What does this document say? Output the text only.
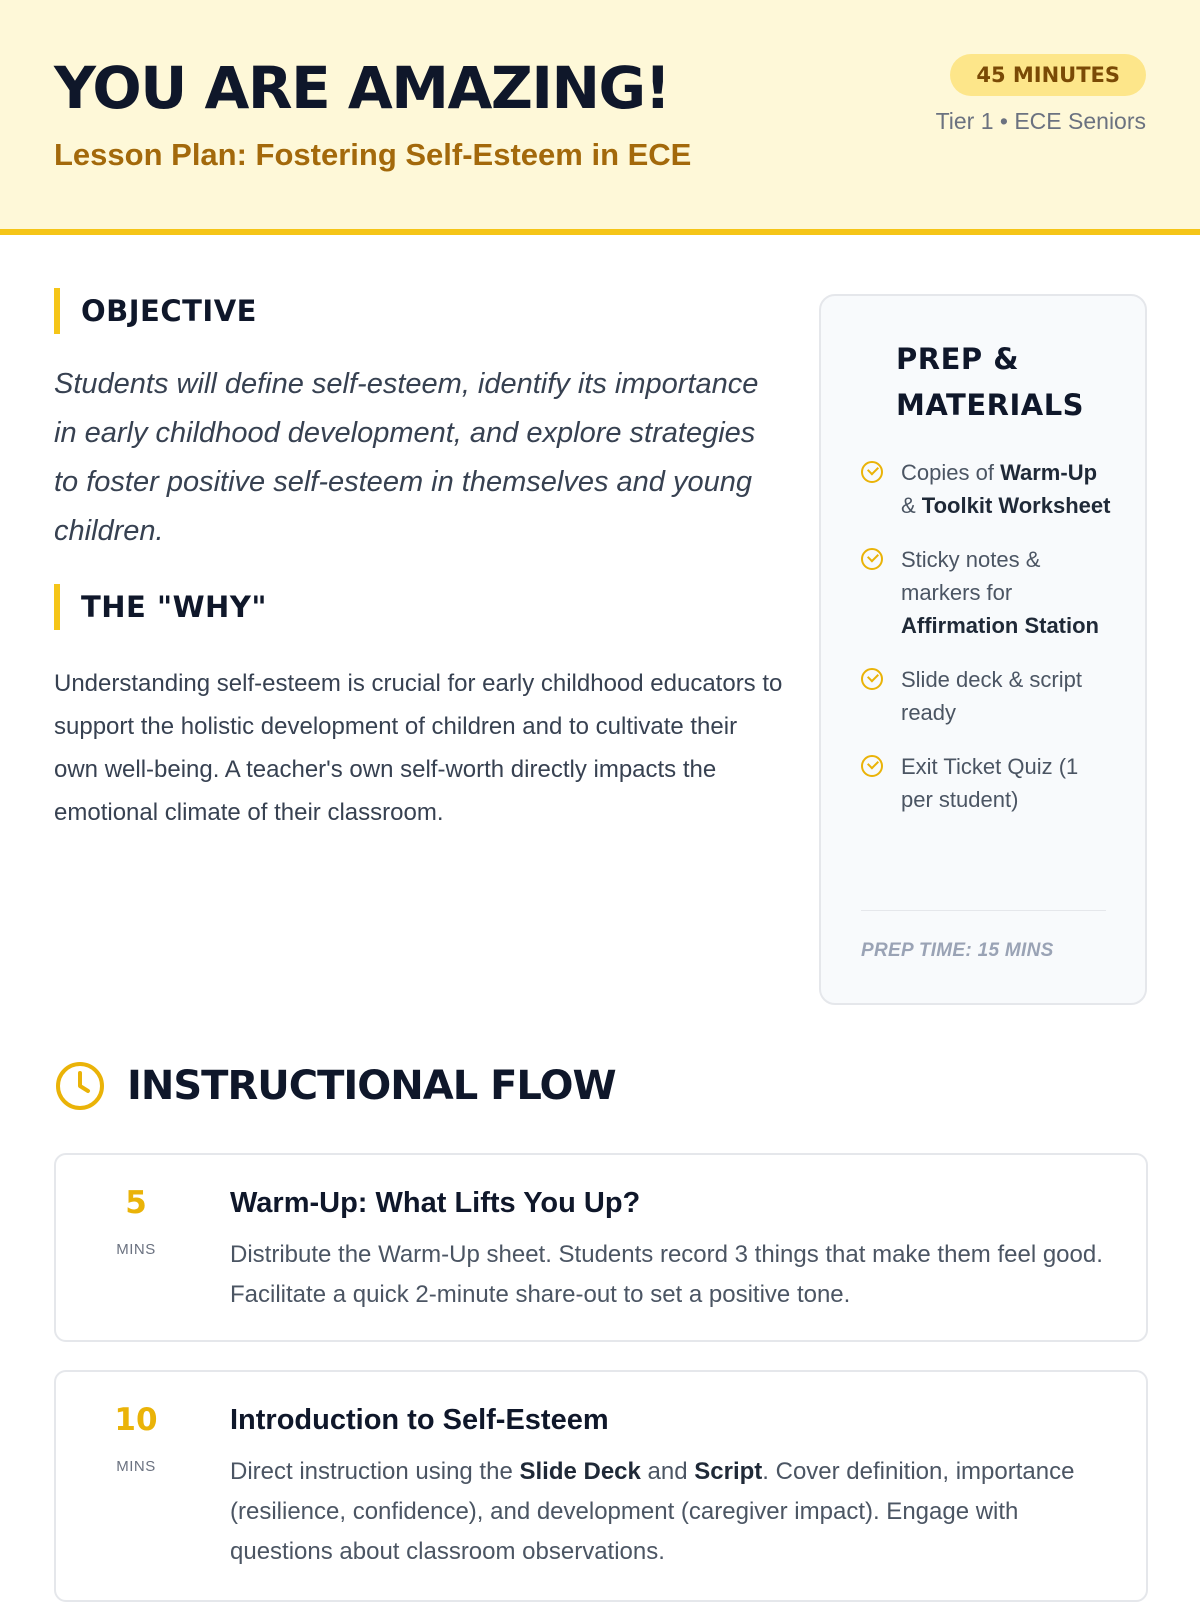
YOU ARE AMAZING!
Lesson Plan: Fostering Self-Esteem in ECE
45 MINUTES
Tier 1 • ECE Seniors
OBJECTIVE

Students will define self-esteem, identify its importance in early childhood development, and explore strategies to foster positive self-esteem in themselves and young children.

THE "WHY"

Understanding self-esteem is crucial for early childhood educators to support the holistic development of children and to cultivate their own well-being. A teacher's own self-worth directly impacts the emotional climate of their classroom.

PREP & MATERIALS
Copies of Warm-Up & Toolkit Worksheet
Sticky notes & markers for Affirmation Station
Slide deck & script ready
Exit Ticket Quiz (1 per student)
PREP TIME: 15 MINS
INSTRUCTIONAL FLOW
5
MINS
Warm-Up: What Lifts You Up?

Distribute the Warm-Up sheet. Students record 3 things that make them feel good. Facilitate a quick 2-minute share-out to set a positive tone.

10
MINS
Introduction to Self-Esteem

Direct instruction using the Slide Deck and Script. Cover definition, importance (resilience, confidence), and development (caregiver impact). Engage with questions about classroom observations.
